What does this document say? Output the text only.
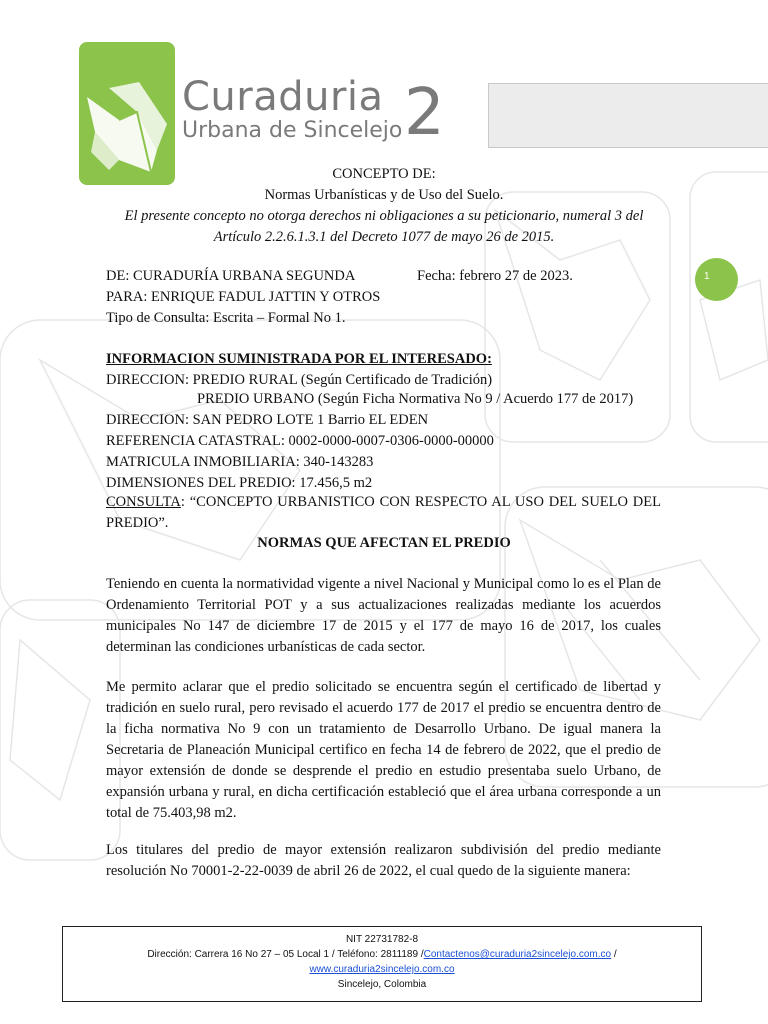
Curaduria
Urbana de Sincelejo 2
1
CONCEPTO DE:
Normas Urbanísticas y de Uso del Suelo.
El presente concepto no otorga derechos ni obligaciones a su peticionario, numeral 3 del
Artículo 2.2.6.1.3.1 del Decreto 1077 de mayo 26 de 2015.
DE: CURADURÍA URBANA SEGUNDA	Fecha: febrero 27 de 2023.
PARA: ENRIQUE FADUL JATTIN Y OTROS
Tipo de Consulta: Escrita – Formal No 1.
INFORMACION SUMINISTRADA POR EL INTERESADO:
DIRECCION: PREDIO RURAL (Según Certificado de Tradición)
PREDIO URBANO (Según Ficha Normativa No 9 / Acuerdo 177 de 2017)
DIRECCION: SAN PEDRO LOTE 1 Barrio EL EDEN
REFERENCIA CATASTRAL: 0002-0000-0007-0306-0000-00000
MATRICULA INMOBILIARIA: 340-143283
DIMENSIONES DEL PREDIO: 17.456,5 m2
CONSULTA: “CONCEPTO URBANISTICO CON RESPECTO AL USO DEL SUELO DEL PREDIO”.
NORMAS QUE AFECTAN EL PREDIO
Teniendo en cuenta la normatividad vigente a nivel Nacional y Municipal como lo es el Plan de Ordenamiento Territorial POT y a sus actualizaciones realizadas mediante los acuerdos municipales No 147 de diciembre 17 de 2015 y el 177 de mayo 16 de 2017, los cuales determinan las condiciones urbanísticas de cada sector.
Me permito aclarar que el predio solicitado se encuentra según el certificado de libertad y tradición en suelo rural, pero revisado el acuerdo 177 de 2017 el predio se encuentra dentro de la ficha normativa No 9 con un tratamiento de Desarrollo Urbano. De igual manera la Secretaria de Planeación Municipal certifico en fecha 14 de febrero de 2022, que el predio de mayor extensión de donde se desprende el predio en estudio presentaba suelo Urbano, de expansión urbana y rural, en dicha certificación estableció que el área urbana corresponde a un total de 75.403,98 m2.
Los titulares del predio de mayor extensión realizaron subdivisión del predio mediante resolución No 70001-2-22-0039 de abril 26 de 2022, el cual quedo de la siguiente manera:
NIT 22731782-8
Dirección: Carrera 16 No 27 – 05 Local 1 / Teléfono: 2811189 /Contactenos@curaduria2sincelejo.com.co /
www.curaduria2sincelejo.com.co
Sincelejo, Colombia
